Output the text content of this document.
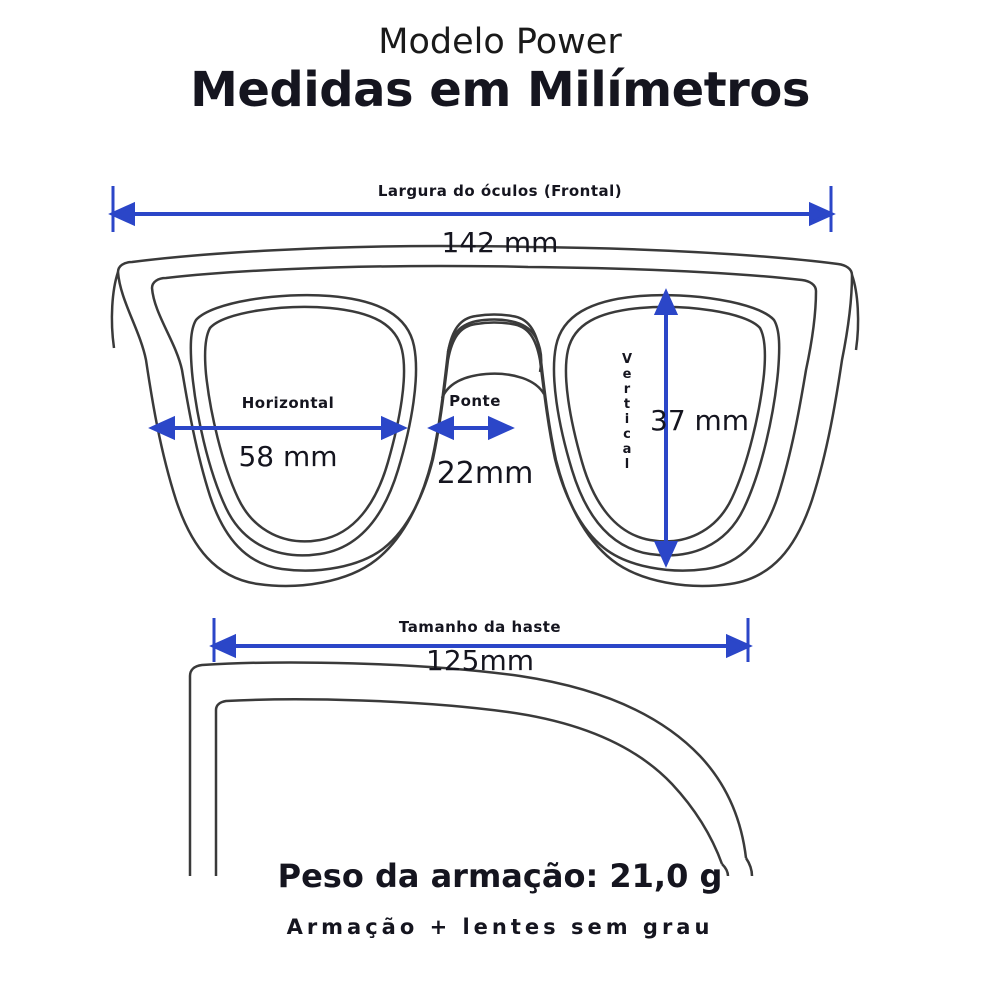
Modelo Power
Medidas em Milímetros
Largura do óculos (Frontal)
142 mm
Horizontal
58 mm
Ponte
22mm
V
e
r
t
i
c
a
l
37 mm
Tamanho da haste
125mm
Peso da armação: 21,0 g
Armação + lentes sem grau
